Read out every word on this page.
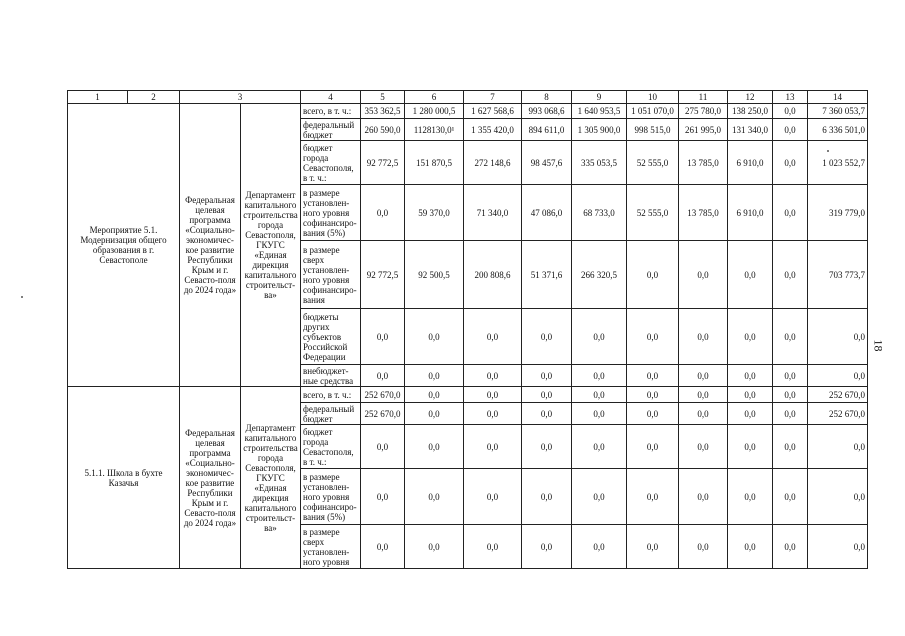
1	2	3		4	5	6	7	8	9	10	11	12	13	14
Мероприятие 5.1. Модернизация общего образования в г. Севастополе		Федеральная целевая программа «Социально-экономичес-кое развитие Республики Крым и г. Севасто-поля до 2024 года»	Департамент капитального строительства города Севастополя, ГКУГС «Единая дирекция капитального строительст-ва»	всего, в т. ч.:	353 362,5	1 280 000,5	1 627 568,6	993 068,6	1 640 953,5	1 051 070,0	275 780,0	138 250,0	0,0	7 360 053,7
				федеральный бюджет	260 590,0	1128130,0¹	1 355 420,0	894 611,0	1 305 900,0	998 515,0	261 995,0	131 340,0	0,0	6 336 501,0
				бюджет города Севастополя, в т. ч.:	92 772,5	151 870,5	272 148,6	98 457,6	335 053,5	52 555,0	13 785,0	6 910,0	0,0	1 023 552,7
				в размере установлен-ного уровня софинансиро-вания (5%)	0,0	59 370,0	71 340,0	47 086,0	68 733,0	52 555,0	13 785,0	6 910,0	0,0	319 779,0
				в размере сверх установлен-ного уровня софинансиро-вания	92 772,5	92 500,5	200 808,6	51 371,6	266 320,5	0,0	0,0	0,0	0,0	703 773,7
				бюджеты других субъектов Российской Федерации	0,0	0,0	0,0	0,0	0,0	0,0	0,0	0,0	0,0	0,0
				внебюджет-ные средства	0,0	0,0	0,0	0,0	0,0	0,0	0,0	0,0	0,0	0,0
5.1.1. Школа в бухте Казачья		Федеральная целевая программа «Социально-экономичес-кое развитие Республики Крым и г. Севасто-поля до 2024 года»	Департамент капитального строительства города Севастополя, ГКУГС «Единая дирекция капитального строительст-ва»	всего, в т. ч.:	252 670,0	0,0	0,0	0,0	0,0	0,0	0,0	0,0	0,0	252 670,0
				федеральный бюджет	252 670,0	0,0	0,0	0,0	0,0	0,0	0,0	0,0	0,0	252 670,0
				бюджет города Севастополя, в т. ч.:	0,0	0,0	0,0	0,0	0,0	0,0	0,0	0,0	0,0	0,0
				в размере установлен-ного уровня софинансиро-вания (5%)	0,0	0,0	0,0	0,0	0,0	0,0	0,0	0,0	0,0	0,0
				в размере сверх установлен-ного уровня	0,0	0,0	0,0	0,0	0,0	0,0	0,0	0,0	0,0	0,0
18
